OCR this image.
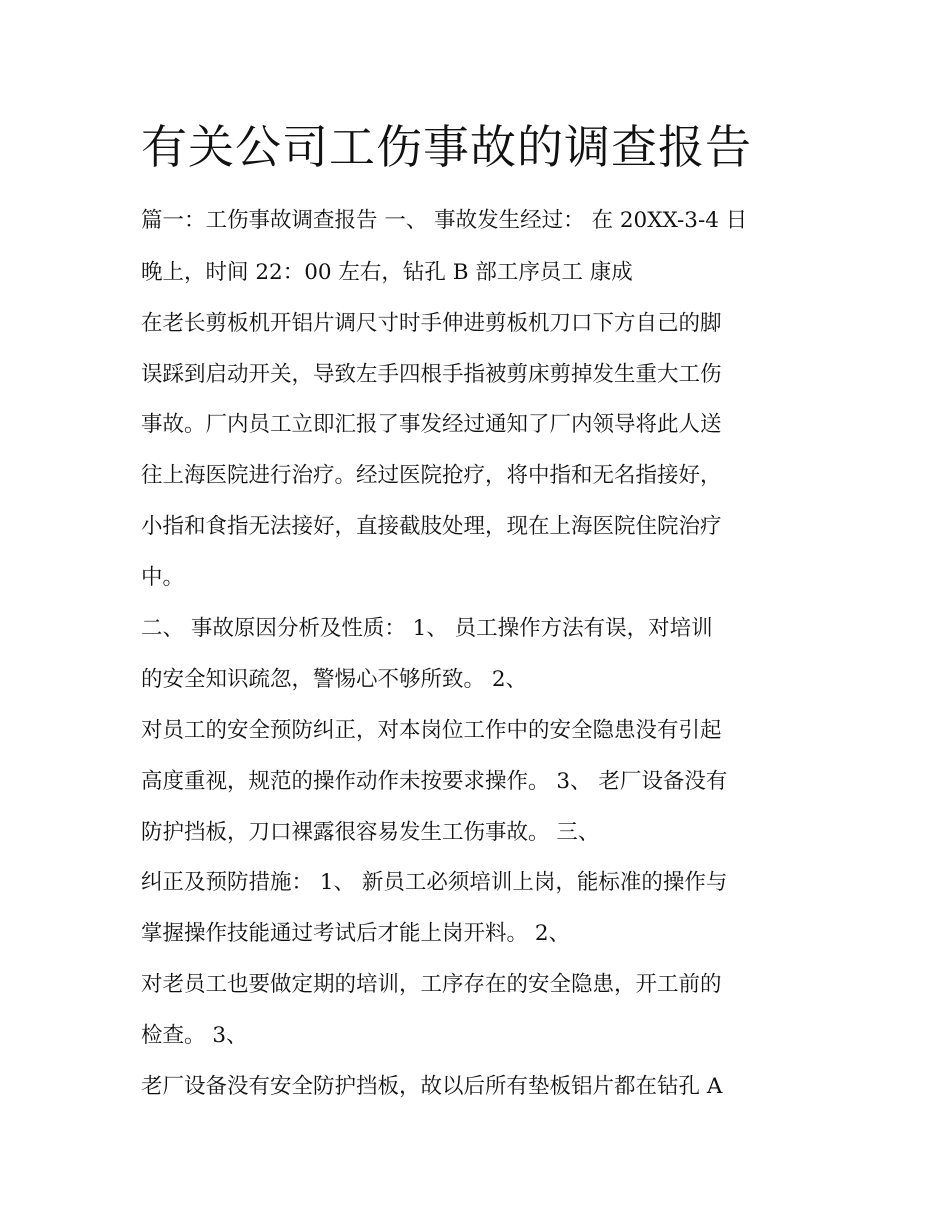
有关公司工伤事故的调查报告

篇一：工伤事故调查报告 一、 事故发生经过： 在 20XX-3-4 日

晚上，时间 22：00 左右，钻孔 B 部工序员工 康成

在老长剪板机开铝片调尺寸时手伸进剪板机刀口下方自己的脚

误踩到启动开关，导致左手四根手指被剪床剪掉发生重大工伤

事故。厂内员工立即汇报了事发经过通知了厂内领导将此人送

往上海医院进行治疗。经过医院抢疗，将中指和无名指接好，

小指和食指无法接好，直接截肢处理，现在上海医院住院治疗

中。

二、 事故原因分析及性质： 1、 员工操作方法有误，对培训

的安全知识疏忽，警惕心不够所致。 2、

对员工的安全预防纠正，对本岗位工作中的安全隐患没有引起

高度重视，规范的操作动作未按要求操作。 3、 老厂设备没有

防护挡板，刀口裸露很容易发生工伤事故。 三、

纠正及预防措施： 1、 新员工必须培训上岗，能标准的操作与

掌握操作技能通过考试后才能上岗开料。 2、

对老员工也要做定期的培训，工序存在的安全隐患，开工前的

检查。 3、

老厂设备没有安全防护挡板，故以后所有垫板铝片都在钻孔 A
